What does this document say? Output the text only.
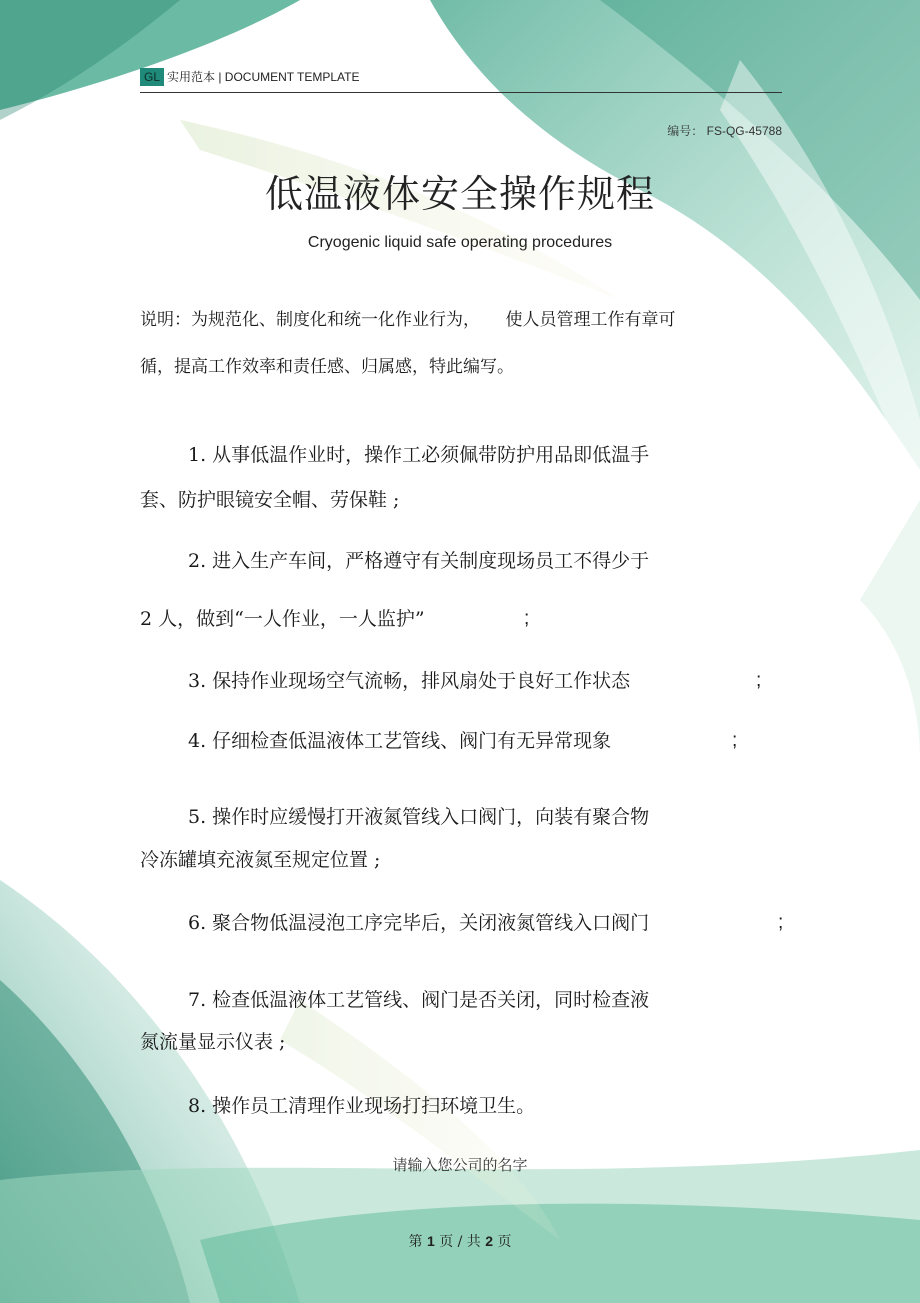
GL 实用范本 | DOCUMENT TEMPLATE
编号： FS-QG-45788
低温液体安全操作规程
Cryogenic liquid safe operating procedures
说明：为规范化、制度化和统一化作业行为，　　使人员管理工作有章可
循，提高工作效率和责任感、归属感，特此编写。
1. 从事低温作业时，操作工必须佩带防护用品即低温手
套、防护眼镜安全帽、劳保鞋 ;
2. 进入生产车间，严格遵守有关制度现场员工不得少于
2 人，做到“一人作业，一人监护”	;
3. 保持作业现场空气流畅，排风扇处于良好工作状态	;
4. 仔细检查低温液体工艺管线、阀门有无异常现象	;
5. 操作时应缓慢打开液氮管线入口阀门，向装有聚合物
冷冻罐填充液氮至规定位置 ;
6. 聚合物低温浸泡工序完毕后，关闭液氮管线入口阀门	;
7. 检查低温液体工艺管线、阀门是否关闭，同时检查液
氮流量显示仪表 ;
8. 操作员工清理作业现场打扫环境卫生。
请输入您公司的名字
第 1 页 / 共 2 页
